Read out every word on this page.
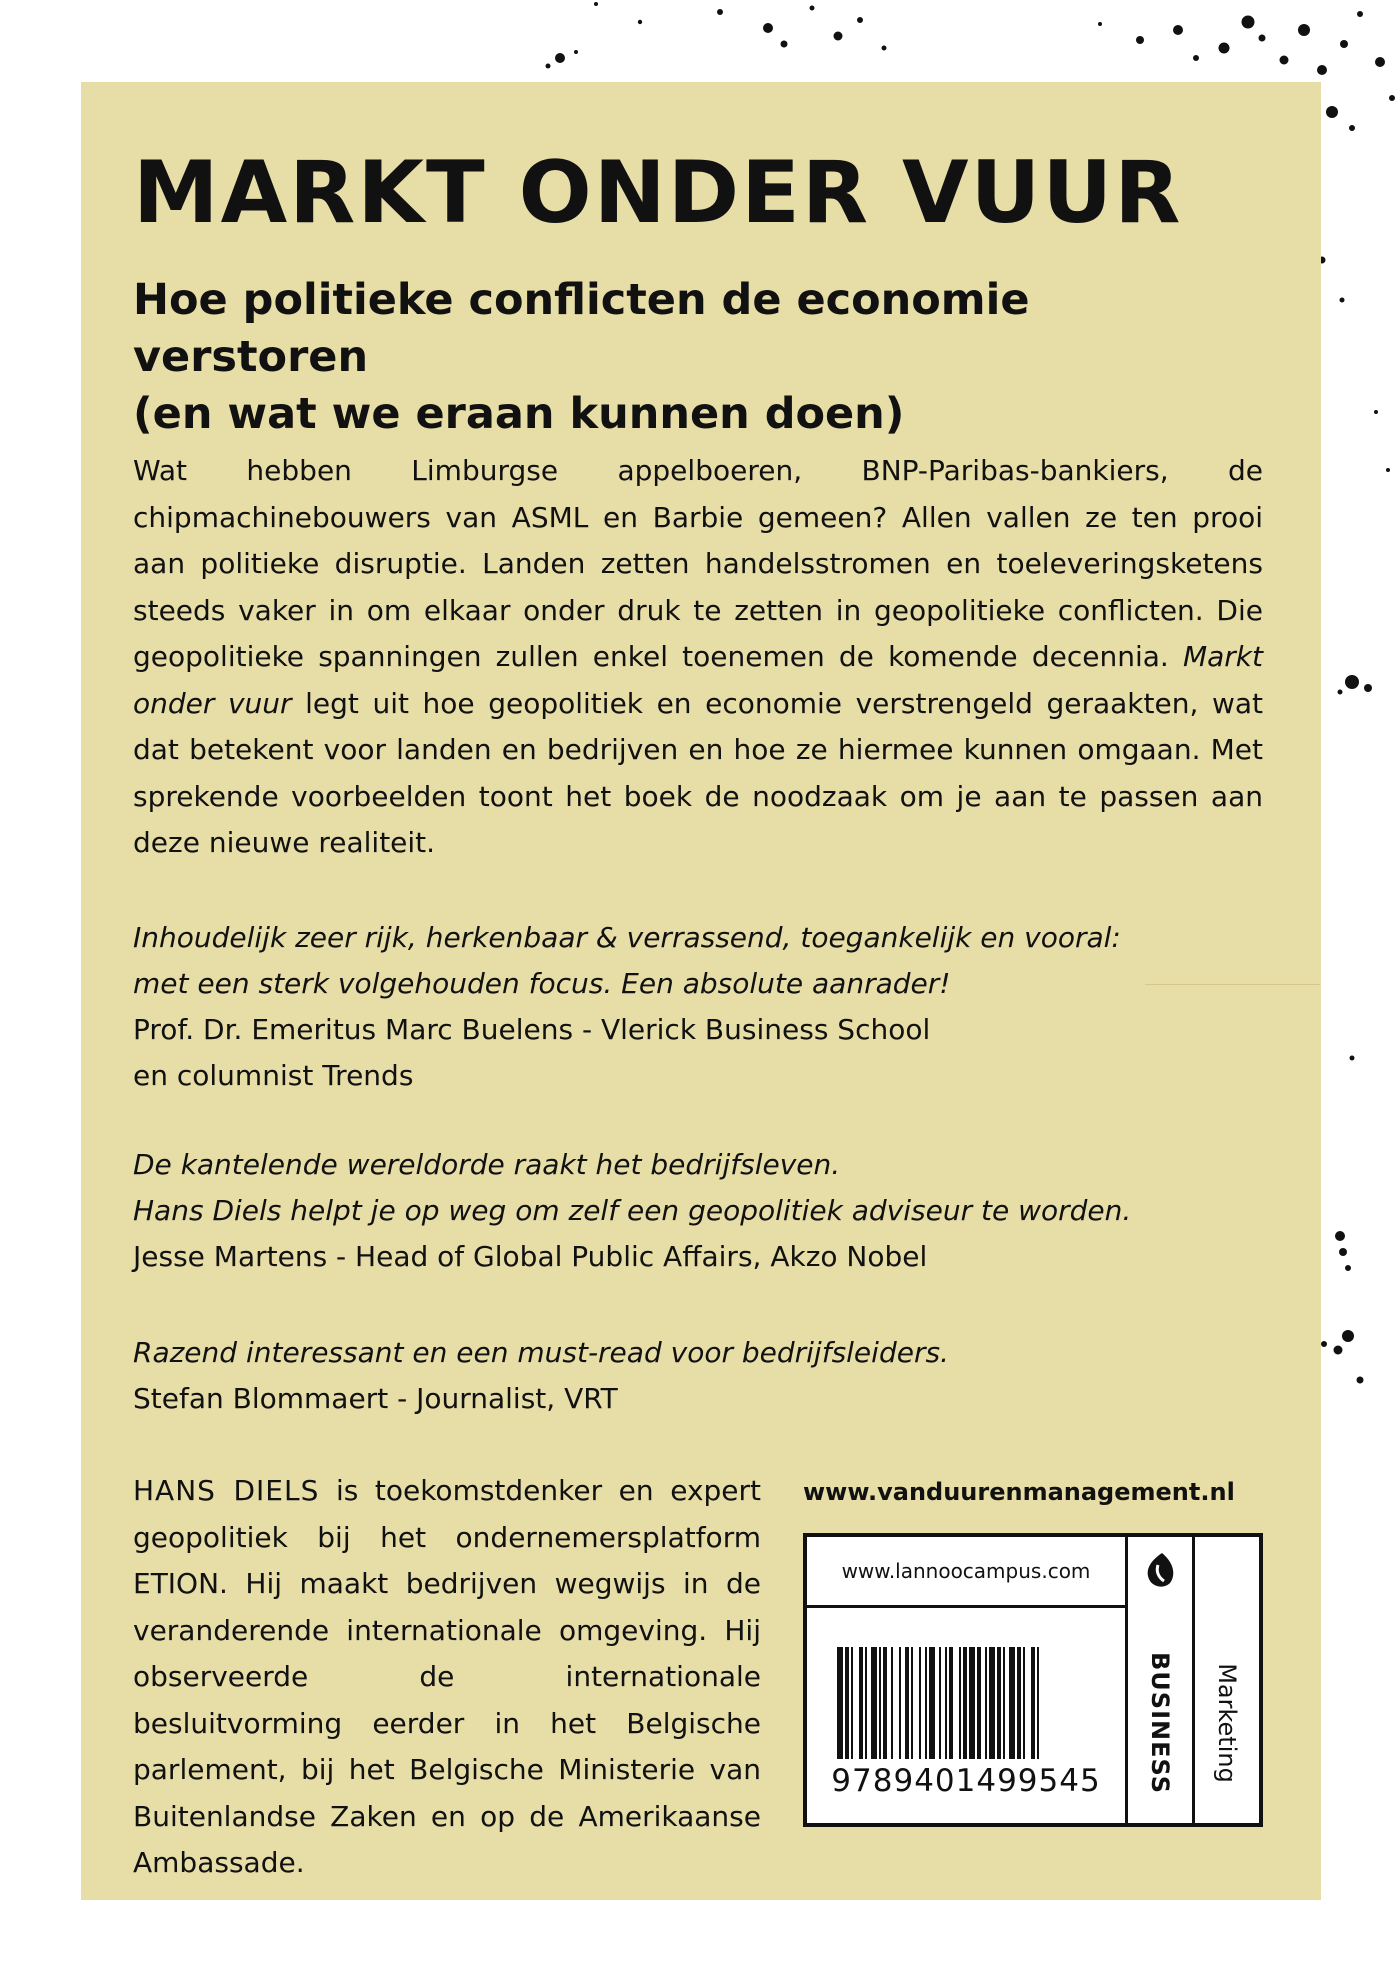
MARKT ONDER VUUR
Hoe politieke conflicten de economie verstoren
(en wat we eraan kunnen doen)

Wat hebben Limburgse appelboeren, BNP-Paribas-bankiers, de chipmachinebouwers van ASML en Barbie gemeen? Allen vallen ze ten prooi aan politieke disruptie. Landen zetten handelsstromen en toeleveringsketens steeds vaker in om elkaar onder druk te zetten in geopolitieke conflicten. Die geopolitieke spanningen zullen enkel toenemen de komende decennia. Markt onder vuur legt uit hoe geopolitiek en economie verstrengeld geraakten, wat dat betekent voor landen en bedrijven en hoe ze hiermee kunnen omgaan. Met sprekende voorbeelden toont het boek de noodzaak om je aan te passen aan deze nieuwe realiteit.

Inhoudelijk zeer rijk, herkenbaar & verrassend, toegankelijk en vooral:
met een sterk volgehouden focus. Een absolute aanrader!
Prof. Dr. Emeritus Marc Buelens - Vlerick Business School
en columnist Trends
De kantelende wereldorde raakt het bedrijfsleven.
Hans Diels helpt je op weg om zelf een geopolitiek adviseur te worden.
Jesse Martens - Head of Global Public Affairs, Akzo Nobel
Razend interessant en een must-read voor bedrijfsleiders.
Stefan Blommaert - Journalist, VRT

HANS DIELS is toekomstdenker en expert geopolitiek bij het ondernemersplatform ETION. Hij maakt bedrijven wegwijs in de veranderende internationale omgeving. Hij observeerde de internationale besluitvorming eerder in het Belgische parlement, bij het Belgische Ministerie van Buitenlandse Zaken en op de Amerikaanse Ambassade.

www.vanduurenmanagement.nl
www.lannoocampus.com
9789401499545	BUSINESS Marketing
